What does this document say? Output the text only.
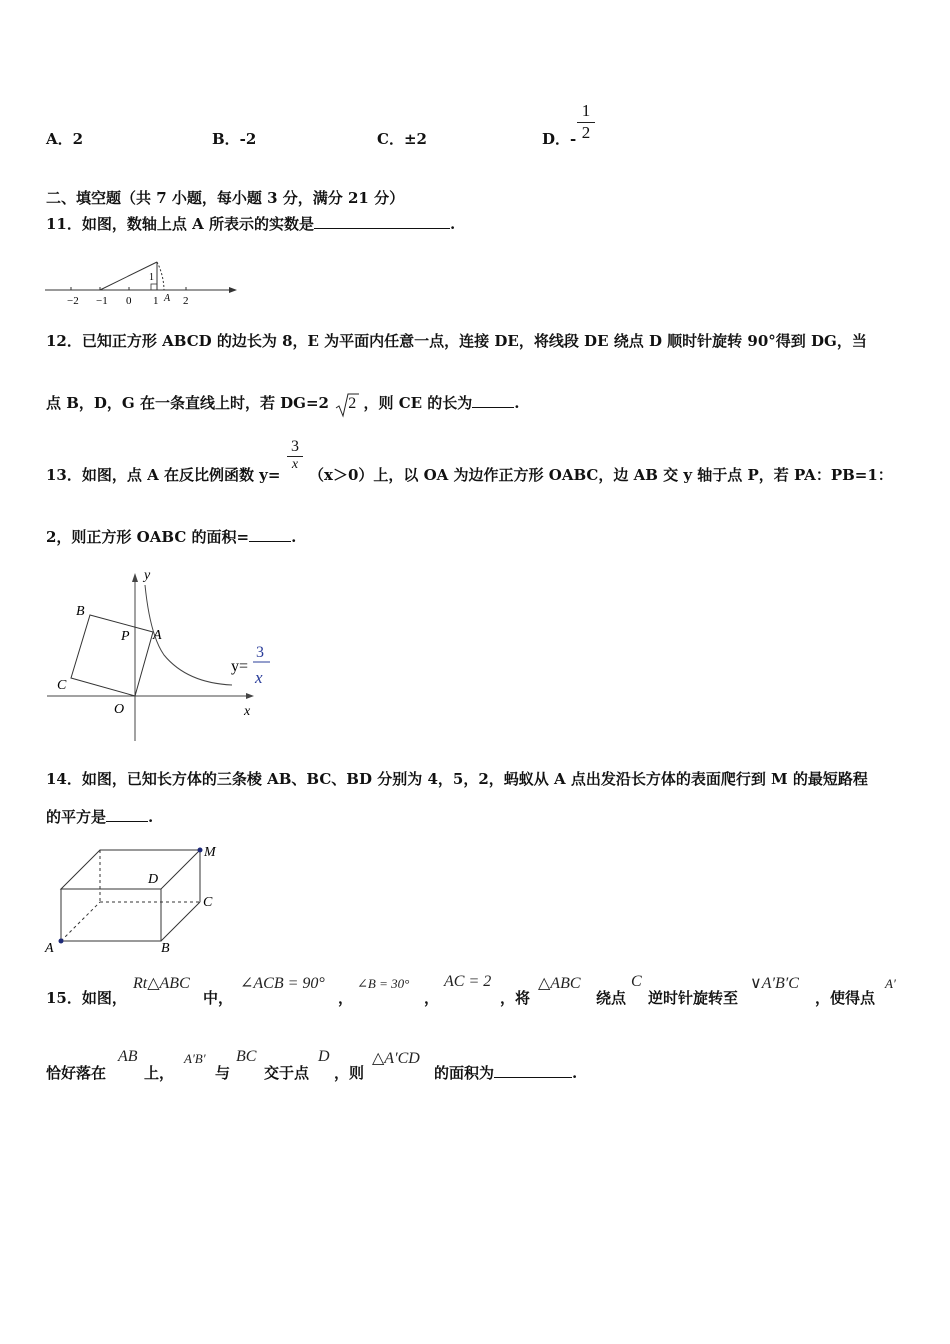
A．2	B．-2	C．±2	D．- $\frac{1}{2}$
二、填空题（共 7 小题，每小题 3 分，满分 21 分）
11．如图，数轴上点 A 所表示的实数是	.
−2 −1 0 1 2
1
A
12．已知正方形 ABCD 的边长为 8，E 为平面内任意一点，连接 DE，将线段 DE 绕点 D 顺时针旋转 90°得到 DG，当
点 B，D，G 在一条直线上时，若 DG=2 2 ，则 CE 的长为	.
13．如图，点 A 在反比例函数 y=
$\frac{3}{x}$
（x＞0）上，以 OA 为边作正方形 OABC，边 AB 交 y 轴于点 P，若 PA：PB=1：
2，则正方形 OABC 的面积=	.
y
x
B
C
O
P A
y=
3
x
14．如图，已知长方体的三条棱 AB、BC、BD 分别为 4，5，2，蚂蚁从 A 点出发沿长方体的表面爬行到 M 的最短路程
的平方是	.
M
D
C
A	B
15．如图，
Rt△ABC
中，
∠ACB = 90°
，
∠B = 30°
，
AC = 2
，将
△ABC
绕点
C
逆时针旋转至
∨A′B′C
，使得点
A′
恰好落在
AB
上，
A′B′
与
BC
交于点
D
，则
△A′CD
的面积为	.
